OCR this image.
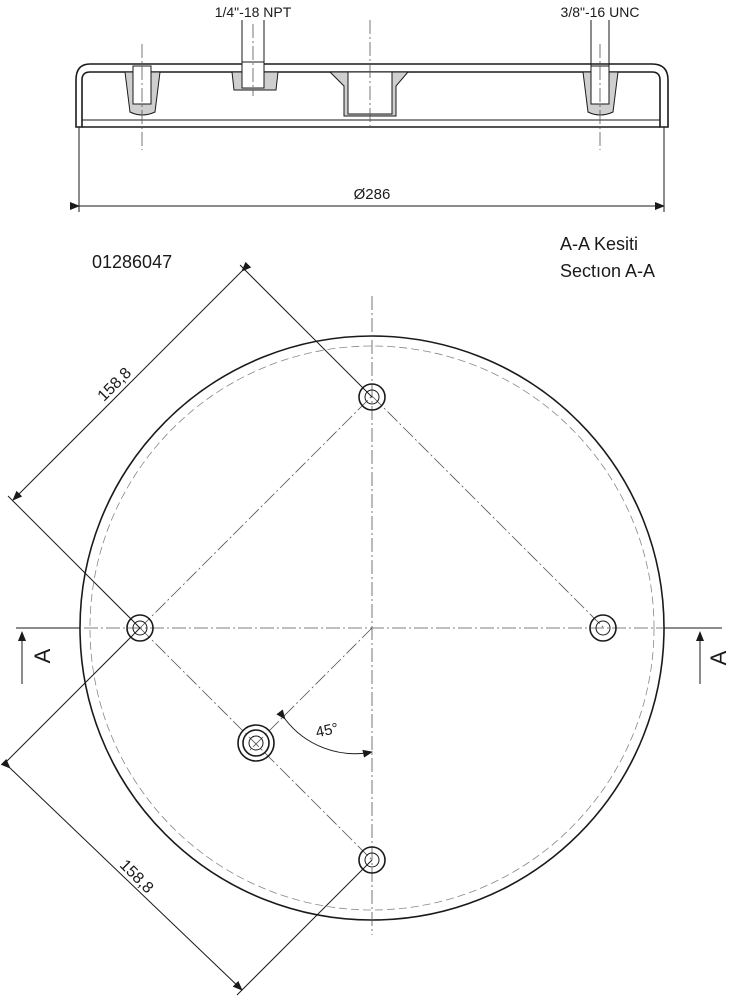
1/4"-18 NPT	3/8"-16 UNC
Ø286
01286047
A-A Kesiti
Sectıon A-A
158,8
158,8
45°
A	A
